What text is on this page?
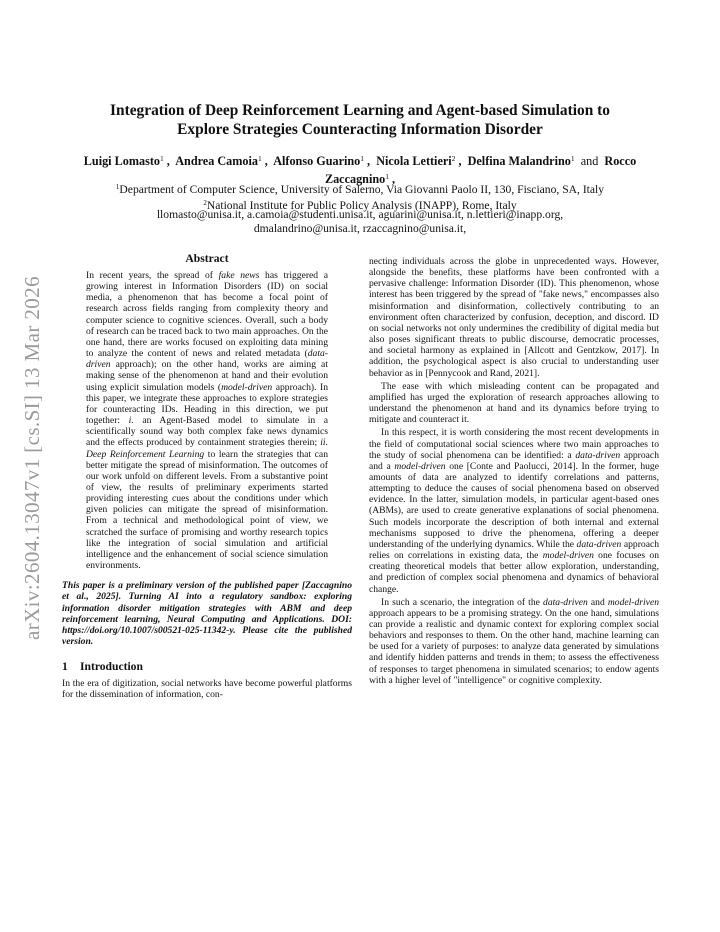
arXiv:2604.13047v1 [cs.SI] 13 Mar 2026
Integration of Deep Reinforcement Learning and Agent-based Simulation to
Explore Strategies Counteracting Information Disorder
Luigi Lomasto$^1$ ,  Andrea Camoia$^1$ ,  Alfonso Guarino$^1$ ,  Nicola Lettieri$^2$ ,  Delfina Malandrino$^1$  and  Rocco Zaccagnino$^1$ ,
$^1$Department of Computer Science, University of Salerno, Via Giovanni Paolo II, 130, Fisciano, SA, Italy
$^2$National Institute for Public Policy Analysis (INAPP), Rome, Italy
llomasto@unisa.it, a.camoia@studenti.unisa.it, aguarini@unisa.it, n.lettieri@inapp.org,
dmalandrino@unisa.it, rzaccagnino@unisa.it,
Abstract
In recent years, the spread of fake news has triggered a growing interest in Information Disorders (ID) on social media, a phenomenon that has become a focal point of research across fields ranging from complexity theory and computer science to cognitive sciences. Overall, such a body of research can be traced back to two main approaches. On the one hand, there are works focused on exploiting data mining to analyze the content of news and related metadata (data-driven approach); on the other hand, works are aiming at making sense of the phenomenon at hand and their evolution using explicit simulation models (model-driven approach). In this paper, we integrate these approaches to explore strategies for counteracting IDs. Heading in this direction, we put together: i. an Agent-Based model to simulate in a scientifically sound way both complex fake news dynamics and the effects produced by containment strategies therein; ii. Deep Reinforcement Learning to learn the strategies that can better mitigate the spread of misinformation. The outcomes of our work unfold on different levels. From a substantive point of view, the results of preliminary experiments started providing interesting cues about the conditions under which given policies can mitigate the spread of misinformation. From a technical and methodological point of view, we scratched the surface of promising and worthy research topics like the integration of social simulation and artificial intelligence and the enhancement of social science simulation environments.
This paper is a preliminary version of the published paper [Zaccagnino et al., 2025]. Turning AI into a regulatory sandbox: exploring information disorder mitigation strategies with ABM and deep reinforcement learning, Neural Computing and Applications. DOI: https://doi.org/10.1007/s00521-025-11342-y. Please cite the published version.
1 Introduction
In the era of digitization, social networks have become powerful platforms for the dissemination of information, con-

necting individuals across the globe in unprecedented ways. However, alongside the benefits, these platforms have been confronted with a pervasive challenge: Information Disorder (ID). This phenomenon, whose interest has been triggered by the spread of "fake news," encompasses also misinformation and disinformation, collectively contributing to an environment often characterized by confusion, deception, and discord. ID on social networks not only undermines the credibility of digital media but also poses significant threats to public discourse, democratic processes, and societal harmony as explained in [Allcott and Gentzkow, 2017]. In addition, the psychological aspect is also crucial to understanding user behavior as in [Pennycook and Rand, 2021].

The ease with which misleading content can be propagated and amplified has urged the exploration of research approaches allowing to understand the phenomenon at hand and its dynamics before trying to mitigate and counteract it.

In this respect, it is worth considering the most recent developments in the field of computational social sciences where two main approaches to the study of social phenomena can be identified: a data-driven approach and a model-driven one [Conte and Paolucci, 2014]. In the former, huge amounts of data are analyzed to identify correlations and patterns, attempting to deduce the causes of social phenomena based on observed evidence. In the latter, simulation models, in particular agent-based ones (ABMs), are used to create generative explanations of social phenomena. Such models incorporate the description of both internal and external mechanisms supposed to drive the phenomena, offering a deeper understanding of the underlying dynamics. While the data-driven approach relies on correlations in existing data, the model-driven one focuses on creating theoretical models that better allow exploration, understanding, and prediction of complex social phenomena and dynamics of behavioral change.

In such a scenario, the integration of the data-driven and model-driven approach appears to be a promising strategy. On the one hand, simulations can provide a realistic and dynamic context for exploring complex social behaviors and responses to them. On the other hand, machine learning can be used for a variety of purposes: to analyze data generated by simulations and identify hidden patterns and trends in them; to assess the effectiveness of responses to target phenomena in simulated scenarios; to endow agents with a higher level of "intelligence" or cognitive complexity.
